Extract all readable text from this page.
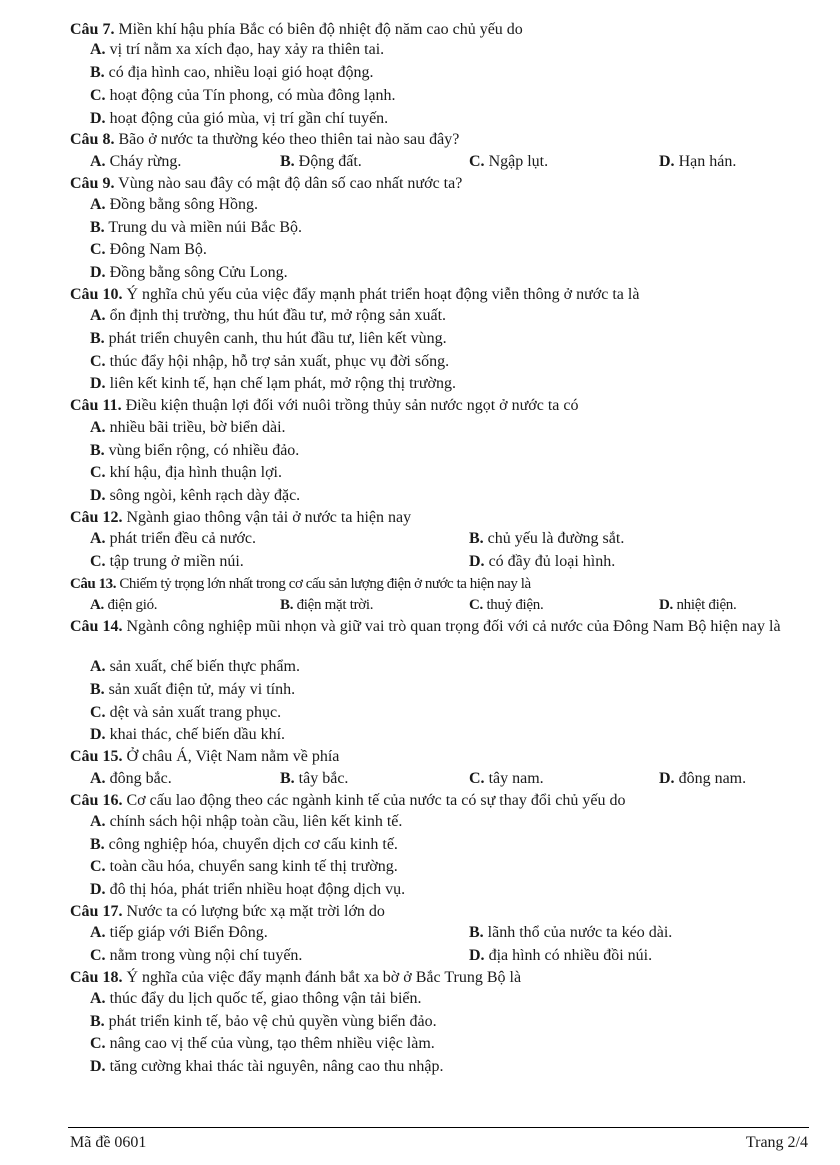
Câu 7. Miền khí hậu phía Bắc có biên độ nhiệt độ năm cao chủ yếu do
A. vị trí nằm xa xích đạo, hay xảy ra thiên tai.
B. có địa hình cao, nhiều loại gió hoạt động.
C. hoạt động của Tín phong, có mùa đông lạnh.
D. hoạt động của gió mùa, vị trí gần chí tuyến.
Câu 8. Bão ở nước ta thường kéo theo thiên tai nào sau đây?
A. Cháy rừng.	B. Động đất.	C. Ngập lụt.	D. Hạn hán.
Câu 9. Vùng nào sau đây có mật độ dân số cao nhất nước ta?
A. Đồng bằng sông Hồng.
B. Trung du và miền núi Bắc Bộ.
C. Đông Nam Bộ.
D. Đồng bằng sông Cửu Long.
Câu 10. Ý nghĩa chủ yếu của việc đẩy mạnh phát triển hoạt động viễn thông ở nước ta là
A. ổn định thị trường, thu hút đầu tư, mở rộng sản xuất.
B. phát triển chuyên canh, thu hút đầu tư, liên kết vùng.
C. thúc đẩy hội nhập, hỗ trợ sản xuất, phục vụ đời sống.
D. liên kết kinh tế, hạn chế lạm phát, mở rộng thị trường.
Câu 11. Điều kiện thuận lợi đối với nuôi trồng thủy sản nước ngọt ở nước ta có
A. nhiều bãi triều, bờ biển dài.
B. vùng biển rộng, có nhiều đảo.
C. khí hậu, địa hình thuận lợi.
D. sông ngòi, kênh rạch dày đặc.
Câu 12. Ngành giao thông vận tải ở nước ta hiện nay
A. phát triển đều cả nước.	B. chủ yếu là đường sắt.
C. tập trung ở miền núi.	D. có đầy đủ loại hình.
Câu 13. Chiếm tỷ trọng lớn nhất trong cơ cấu sản lượng điện ở nước ta hiện nay là
A. điện gió.	B. điện mặt trời.	C. thuỷ điện.	D. nhiệt điện.
Câu 14. Ngành công nghiệp mũi nhọn và giữ vai trò quan trọng đối với cả nước của Đông Nam Bộ hiện nay là
A. sản xuất, chế biến thực phẩm.
B. sản xuất điện tử, máy vi tính.
C. dệt và sản xuất trang phục.
D. khai thác, chế biến dầu khí.
Câu 15. Ở châu Á, Việt Nam nằm về phía
A. đông bắc.	B. tây bắc.	C. tây nam.	D. đông nam.
Câu 16. Cơ cấu lao động theo các ngành kinh tế của nước ta có sự thay đổi chủ yếu do
A. chính sách hội nhập toàn cầu, liên kết kinh tế.
B. công nghiệp hóa, chuyển dịch cơ cấu kinh tế.
C. toàn cầu hóa, chuyển sang kinh tế thị trường.
D. đô thị hóa, phát triển nhiều hoạt động dịch vụ.
Câu 17. Nước ta có lượng bức xạ mặt trời lớn do
A. tiếp giáp với Biển Đông.	B. lãnh thổ của nước ta kéo dài.
C. nằm trong vùng nội chí tuyến.	D. địa hình có nhiều đồi núi.
Câu 18. Ý nghĩa của việc đẩy mạnh đánh bắt xa bờ ở Bắc Trung Bộ là
A. thúc đẩy du lịch quốc tế, giao thông vận tải biển.
B. phát triển kinh tế, bảo vệ chủ quyền vùng biển đảo.
C. nâng cao vị thế của vùng, tạo thêm nhiều việc làm.
D. tăng cường khai thác tài nguyên, nâng cao thu nhập.
Mã đề 0601	Trang 2/4
